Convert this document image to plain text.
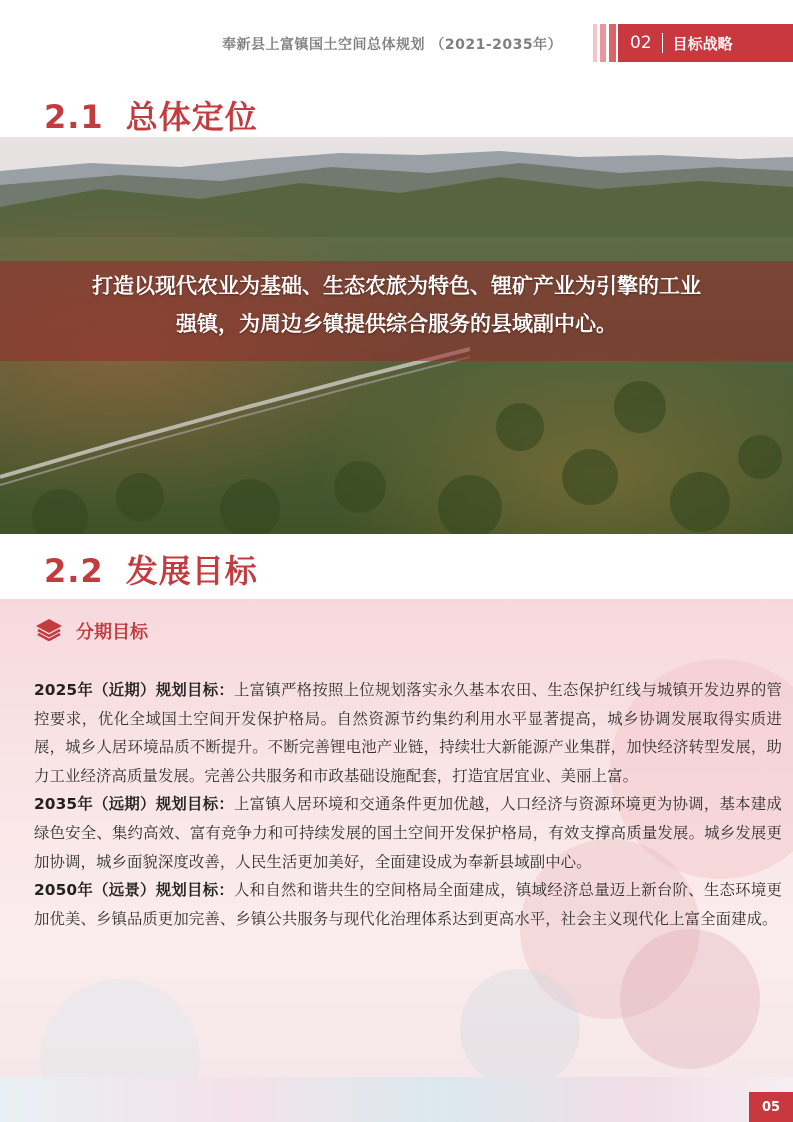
奉新县上富镇国土空间总体规划 （2021-2035年）	02 目标战略
2.1 总体定位
打造以现代农业为基础、生态农旅为特色、锂矿产业为引擎的工业
强镇，为周边乡镇提供综合服务的县域副中心。
2.2 发展目标
分期目标

2025年（近期）规划目标：上富镇严格按照上位规划落实永久基本农田、生态保护红线与城镇开发边界的管控要求，优化全域国土空间开发保护格局。自然资源节约集约利用水平显著提高，城乡协调发展取得实质进展，城乡人居环境品质不断提升。不断完善锂电池产业链，持续壮大新能源产业集群，加快经济转型发展，助力工业经济高质量发展。完善公共服务和市政基础设施配套，打造宜居宜业、美丽上富。

2035年（远期）规划目标：上富镇人居环境和交通条件更加优越，人口经济与资源环境更为协调，基本建成绿色安全、集约高效、富有竞争力和可持续发展的国土空间开发保护格局，有效支撑高质量发展。城乡发展更加协调，城乡面貌深度改善，人民生活更加美好，全面建设成为奉新县域副中心。

2050年（远景）规划目标：人和自然和谐共生的空间格局全面建成，镇域经济总量迈上新台阶、生态环境更加优美、乡镇品质更加完善、乡镇公共服务与现代化治理体系达到更高水平，社会主义现代化上富全面建成。

05
